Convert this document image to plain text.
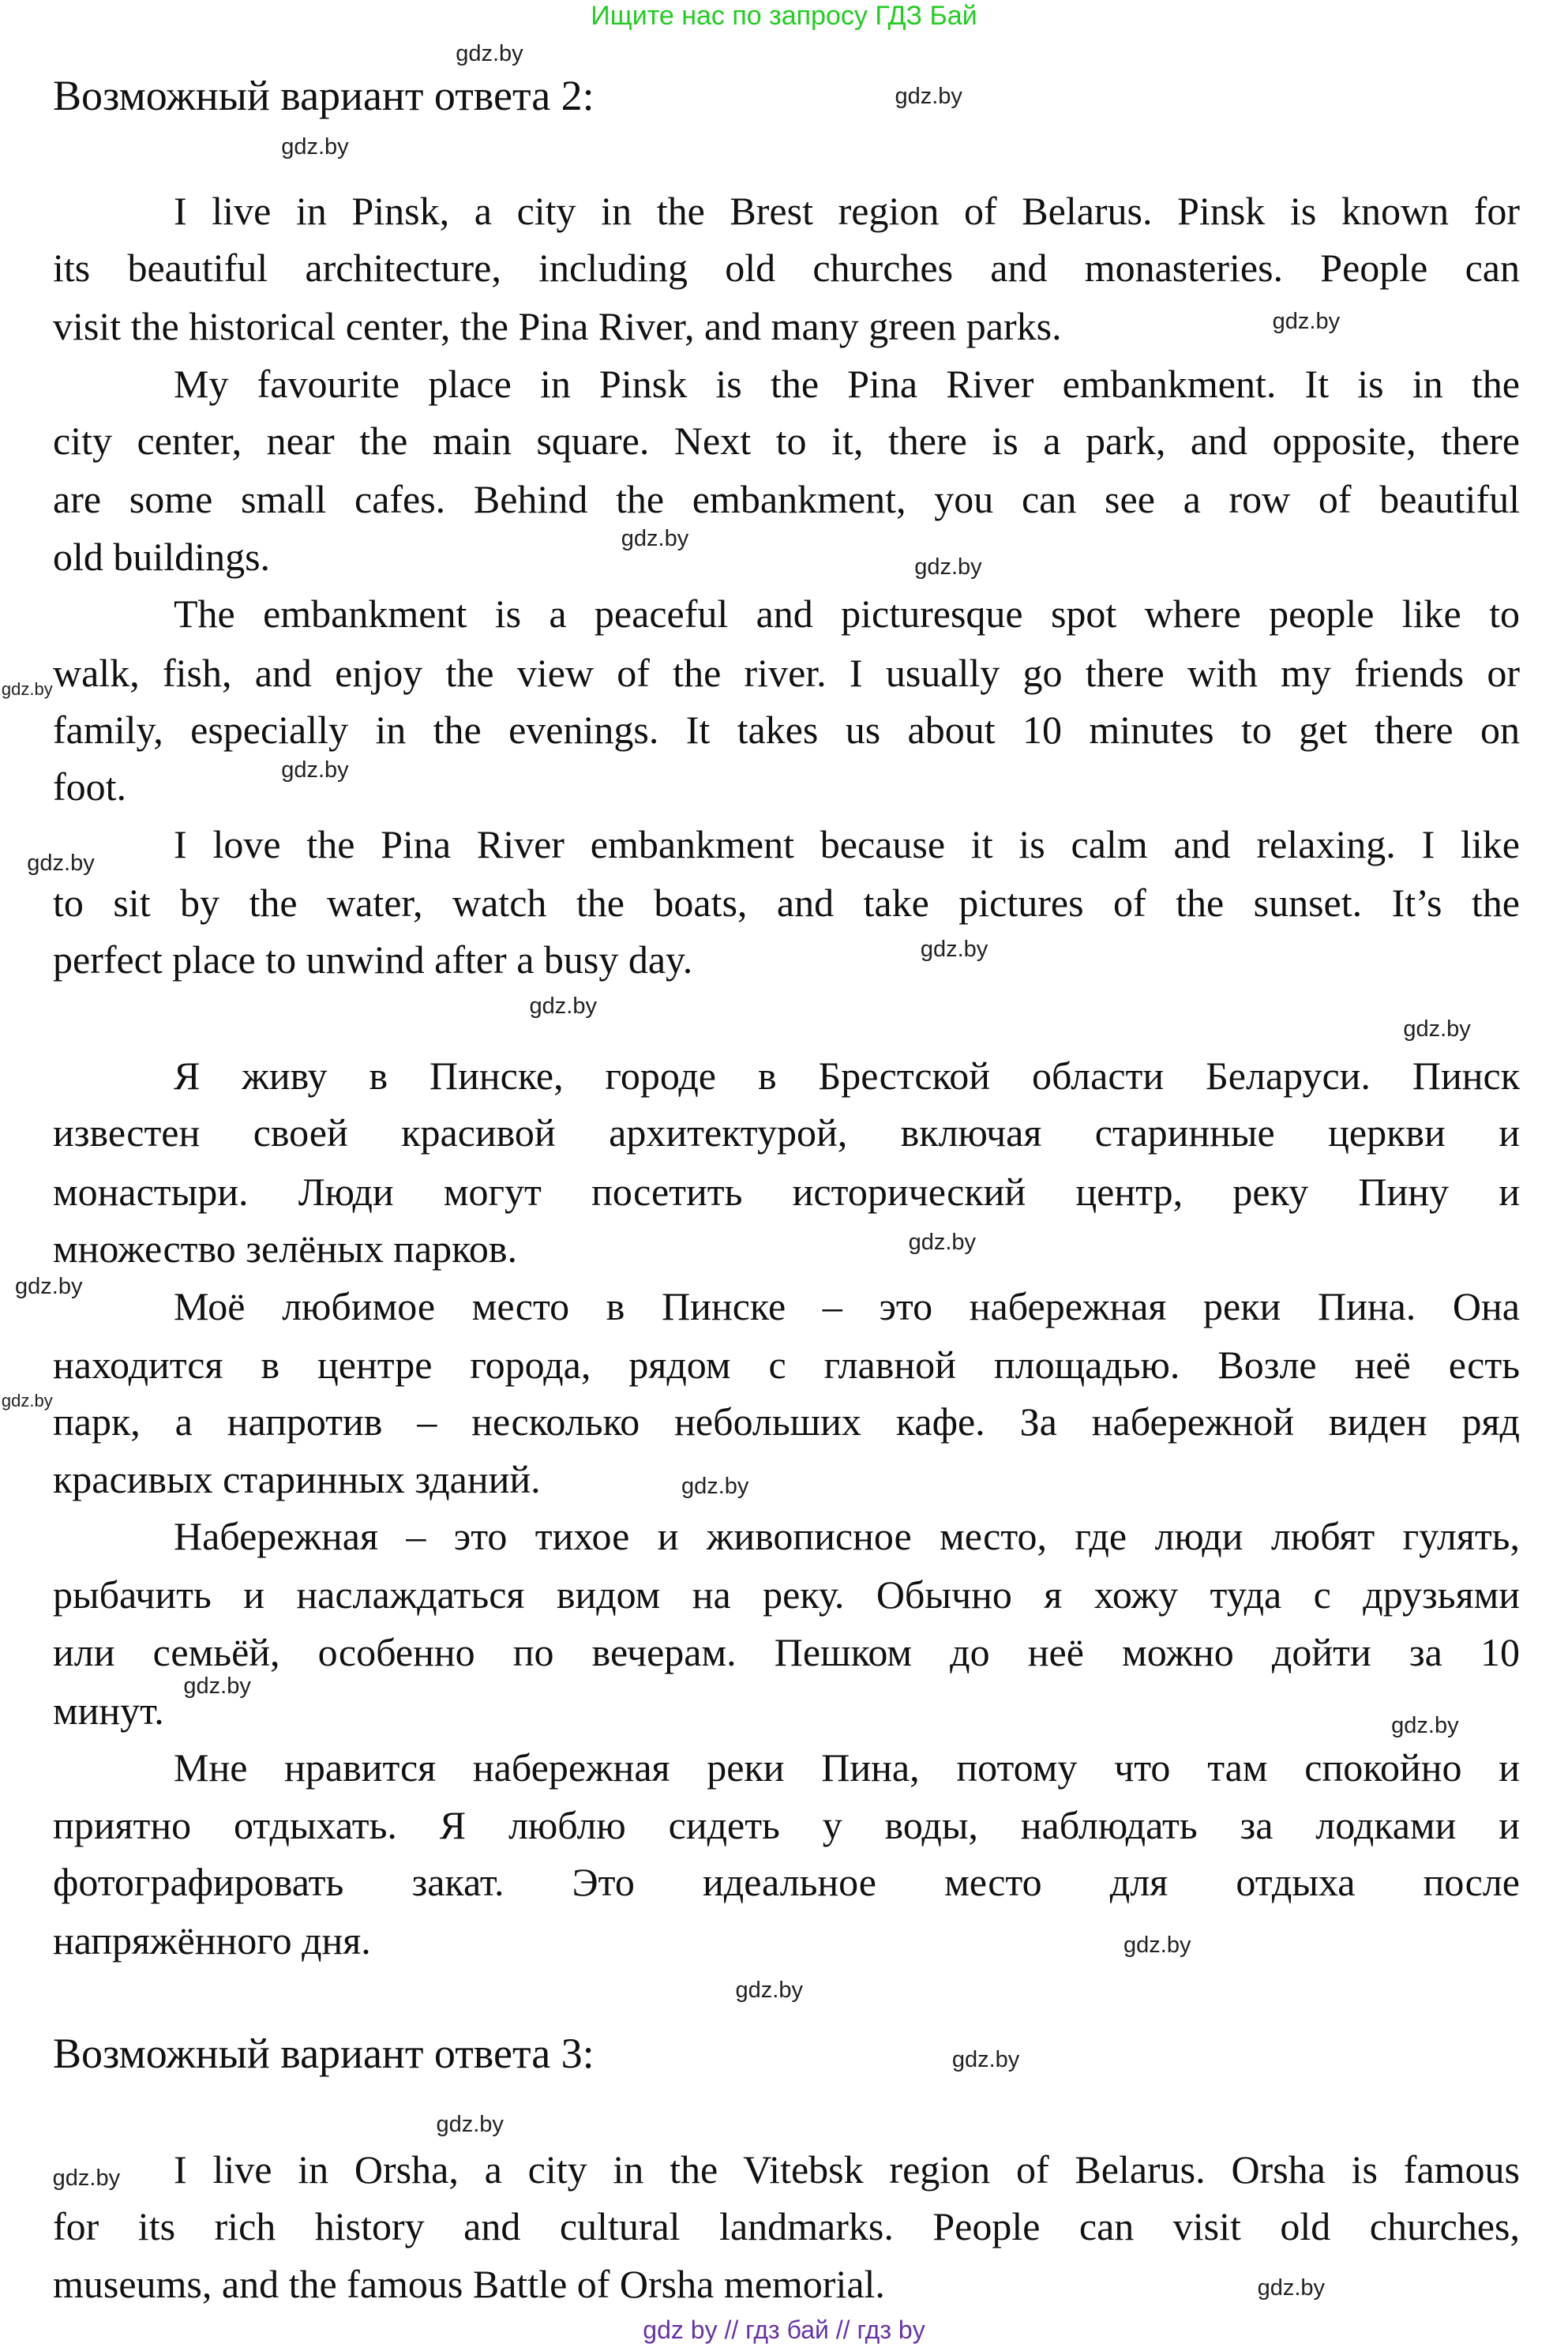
Ищите нас по запросу ГДЗ Бай
Возможный вариант ответа 2:
Возможный вариант ответа 3:
I live in Pinsk, a city in the Brest region of Belarus. Pinsk is known for
its beautiful architecture, including old churches and monasteries. People can
visit the historical center, the Pina River, and many green parks.
My favourite place in Pinsk is the Pina River embankment. It is in the
city center, near the main square. Next to it, there is a park, and opposite, there
are some small cafes. Behind the embankment, you can see a row of beautiful
old buildings.
The embankment is a peaceful and picturesque spot where people like to
walk, fish, and enjoy the view of the river. I usually go there with my friends or
family, especially in the evenings. It takes us about 10 minutes to get there on
foot.
I love the Pina River embankment because it is calm and relaxing. I like
to sit by the water, watch the boats, and take pictures of the sunset. It’s the
perfect place to unwind after a busy day.
Я живу в Пинске, городе в Брестской области Беларуси. Пинск
известен своей красивой архитектурой, включая старинные церкви и
монастыри. Люди могут посетить исторический центр, реку Пину и
множество зелёных парков.
Моё любимое место в Пинске – это набережная реки Пина. Она
находится в центре города, рядом с главной площадью. Возле неё есть
парк, а напротив – несколько небольших кафе. За набережной виден ряд
красивых старинных зданий.
Набережная – это тихое и живописное место, где люди любят гулять,
рыбачить и наслаждаться видом на реку. Обычно я хожу туда с друзьями
или семьёй, особенно по вечерам. Пешком до неё можно дойти за 10
минут.
Мне нравится набережная реки Пина, потому что там спокойно и
приятно отдыхать. Я люблю сидеть у воды, наблюдать за лодками и
фотографировать закат. Это идеальное место для отдыха после
напряжённого дня.
I live in Orsha, a city in the Vitebsk region of Belarus. Orsha is famous
for its rich history and cultural landmarks. People can visit old churches,
museums, and the famous Battle of Orsha memorial.
gdz.by
gdz.by
gdz.by
gdz.by
gdz.by
gdz.by
gdz.by
gdz.by
gdz.by
gdz.by
gdz.by
gdz.by
gdz.by
gdz.by
gdz.by
gdz.by
gdz.by
gdz.by
gdz.by
gdz.by
gdz.by
gdz.by
gdz.by
gdz.by
gdz by // гдз бай // гдз by
